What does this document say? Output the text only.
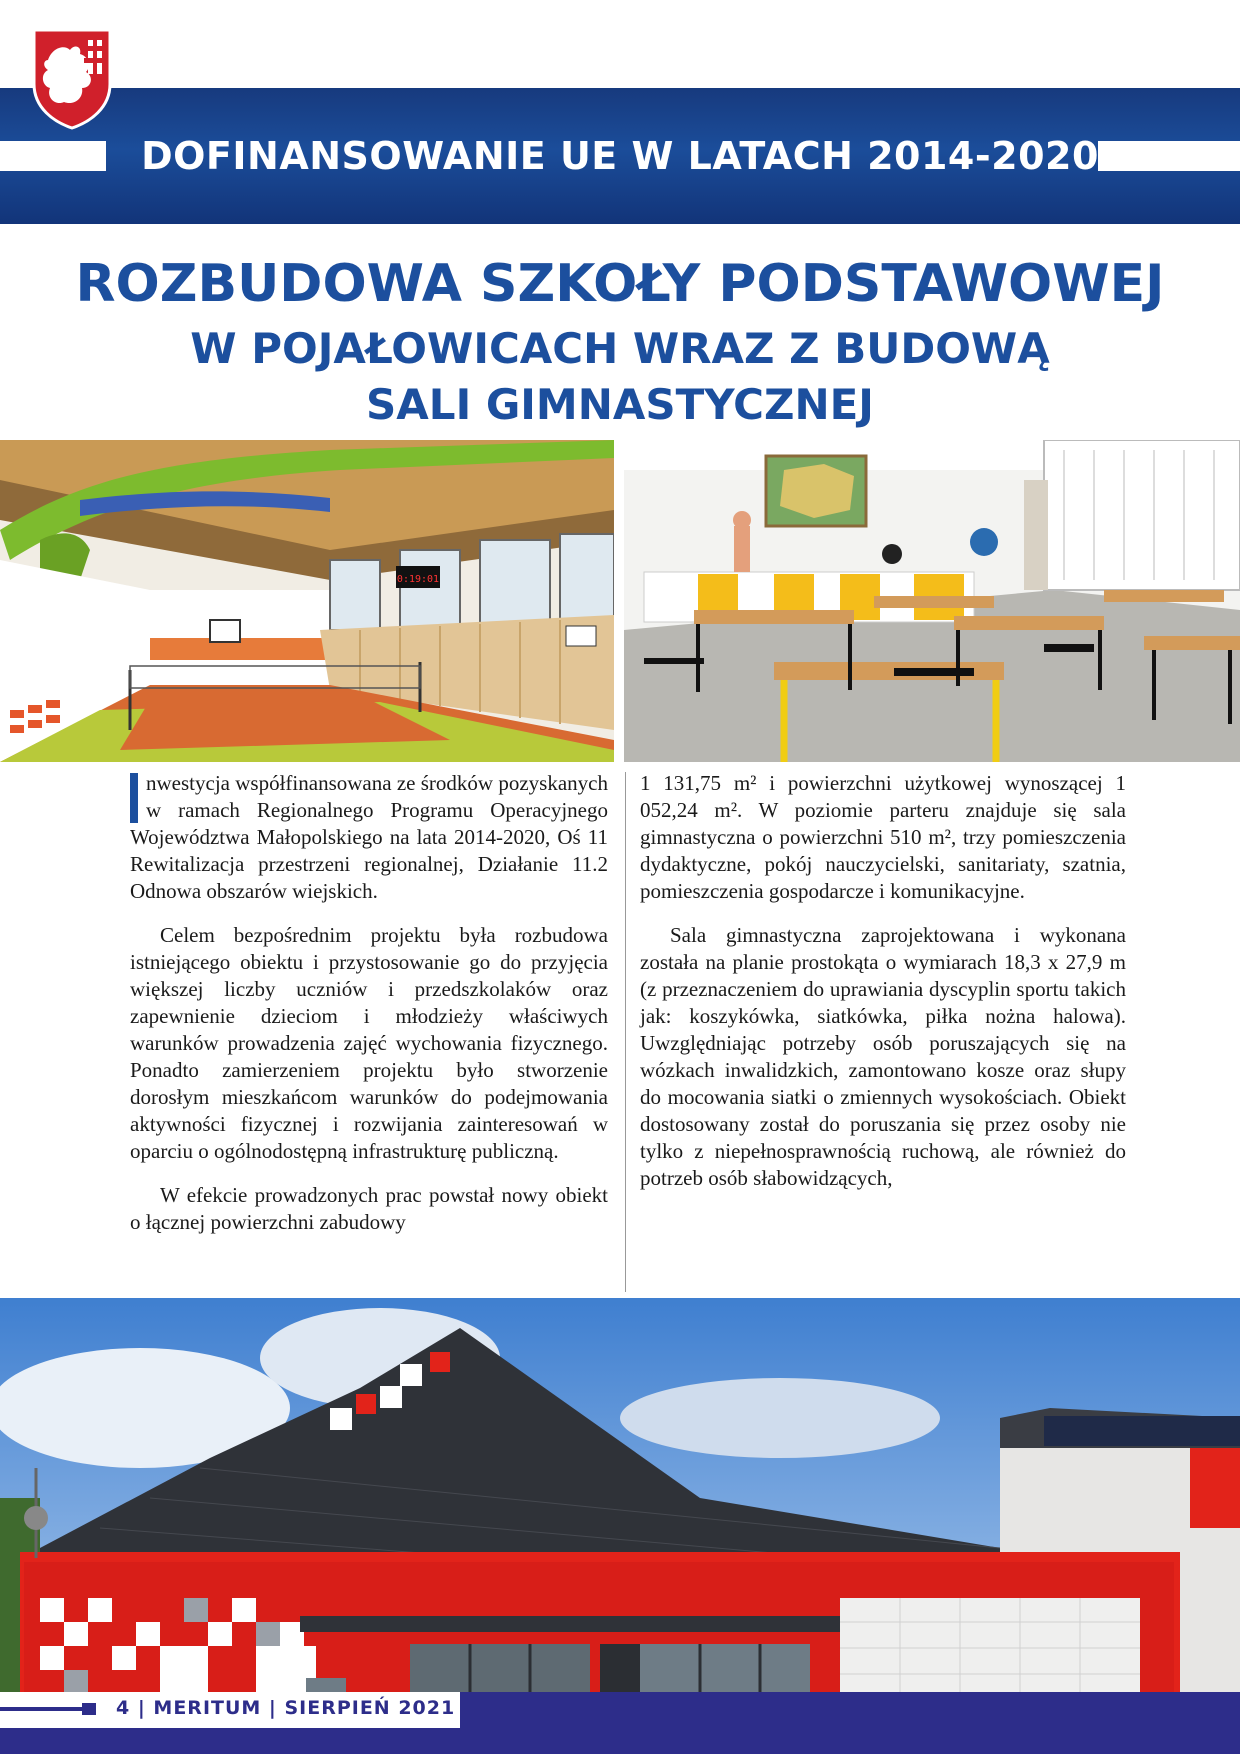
DOFINANSOWANIE UE W LATACH 2014-2020
ROZBUDOWA SZKOŁY PODSTAWOWEJ
W POJAŁOWICACH WRAZ Z BUDOWĄ
SALI GIMNASTYCZNEJ
0:19:01

nwestycja współfinansowana ze środków pozyskanych w ramach Regionalnego Programu Operacyjnego Województwa Małopolskiego na lata 2014-2020, Oś 11 Rewitalizacja przestrzeni regionalnej, Działanie 11.2 Odnowa obszarów wiejskich.

Celem bezpośrednim projektu była rozbudowa istniejącego obiektu i przystosowanie go do przyjęcia większej liczby uczniów i przedszkolaków oraz zapewnienie dzieciom i młodzieży właściwych warunków prowadzenia zajęć wychowania fizycznego. Ponadto zamierzeniem projektu było stworzenie dorosłym mieszkańcom warunków do podejmowania aktywności fizycznej i rozwijania zainteresowań w oparciu o ogólnodostępną infrastrukturę publiczną.

W efekcie prowadzonych prac powstał nowy obiekt o łącznej powierzchni zabudowy

1 131,75 m² i powierzchni użytkowej wynoszącej 1 052,24 m². W poziomie parteru znajduje się sala gimnastyczna o powierzchni 510 m², trzy pomieszczenia dydaktyczne, pokój nauczycielski, sanitariaty, szatnia, pomieszczenia gospodarcze i komunikacyjne.

Sala gimnastyczna zaprojektowana i wykonana została na planie prostokąta o wymiarach 18,3 x 27,9 m (z przeznaczeniem do uprawiania dyscyplin sportu takich jak: koszykówka, siatkówka, piłka nożna halowa). Uwzględniając potrzeby osób poruszających się na wózkach inwalidzkich, zamontowano kosze oraz słupy do mocowania siatki o zmiennych wysokościach. Obiekt dostosowany został do poruszania się przez osoby nie tylko z niepełnosprawnością ruchową, ale również do potrzeb osób słabowidzących,

4 | MERITUM | SIERPIEŃ 2021
